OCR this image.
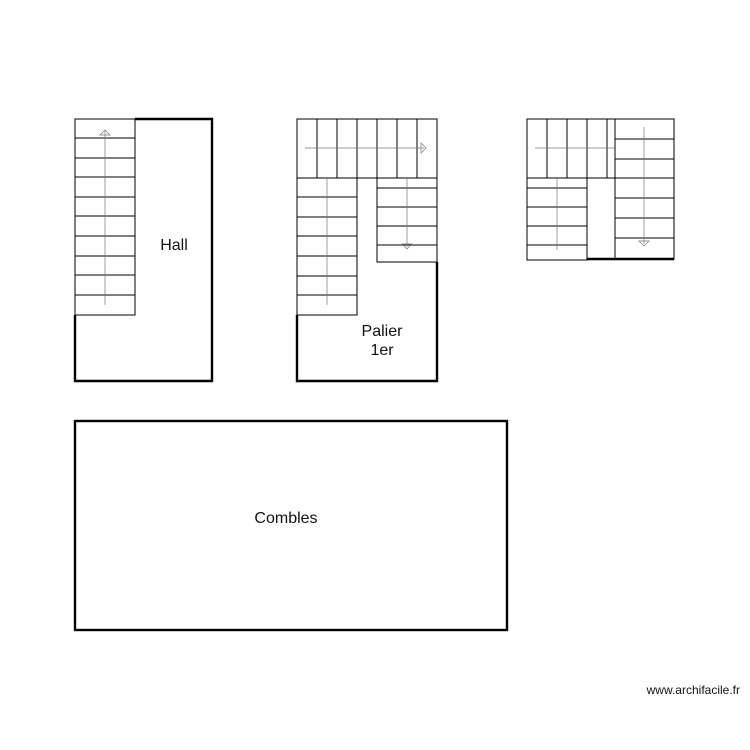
Hall
Palier
1er
Combles
www.archifacile.fr
